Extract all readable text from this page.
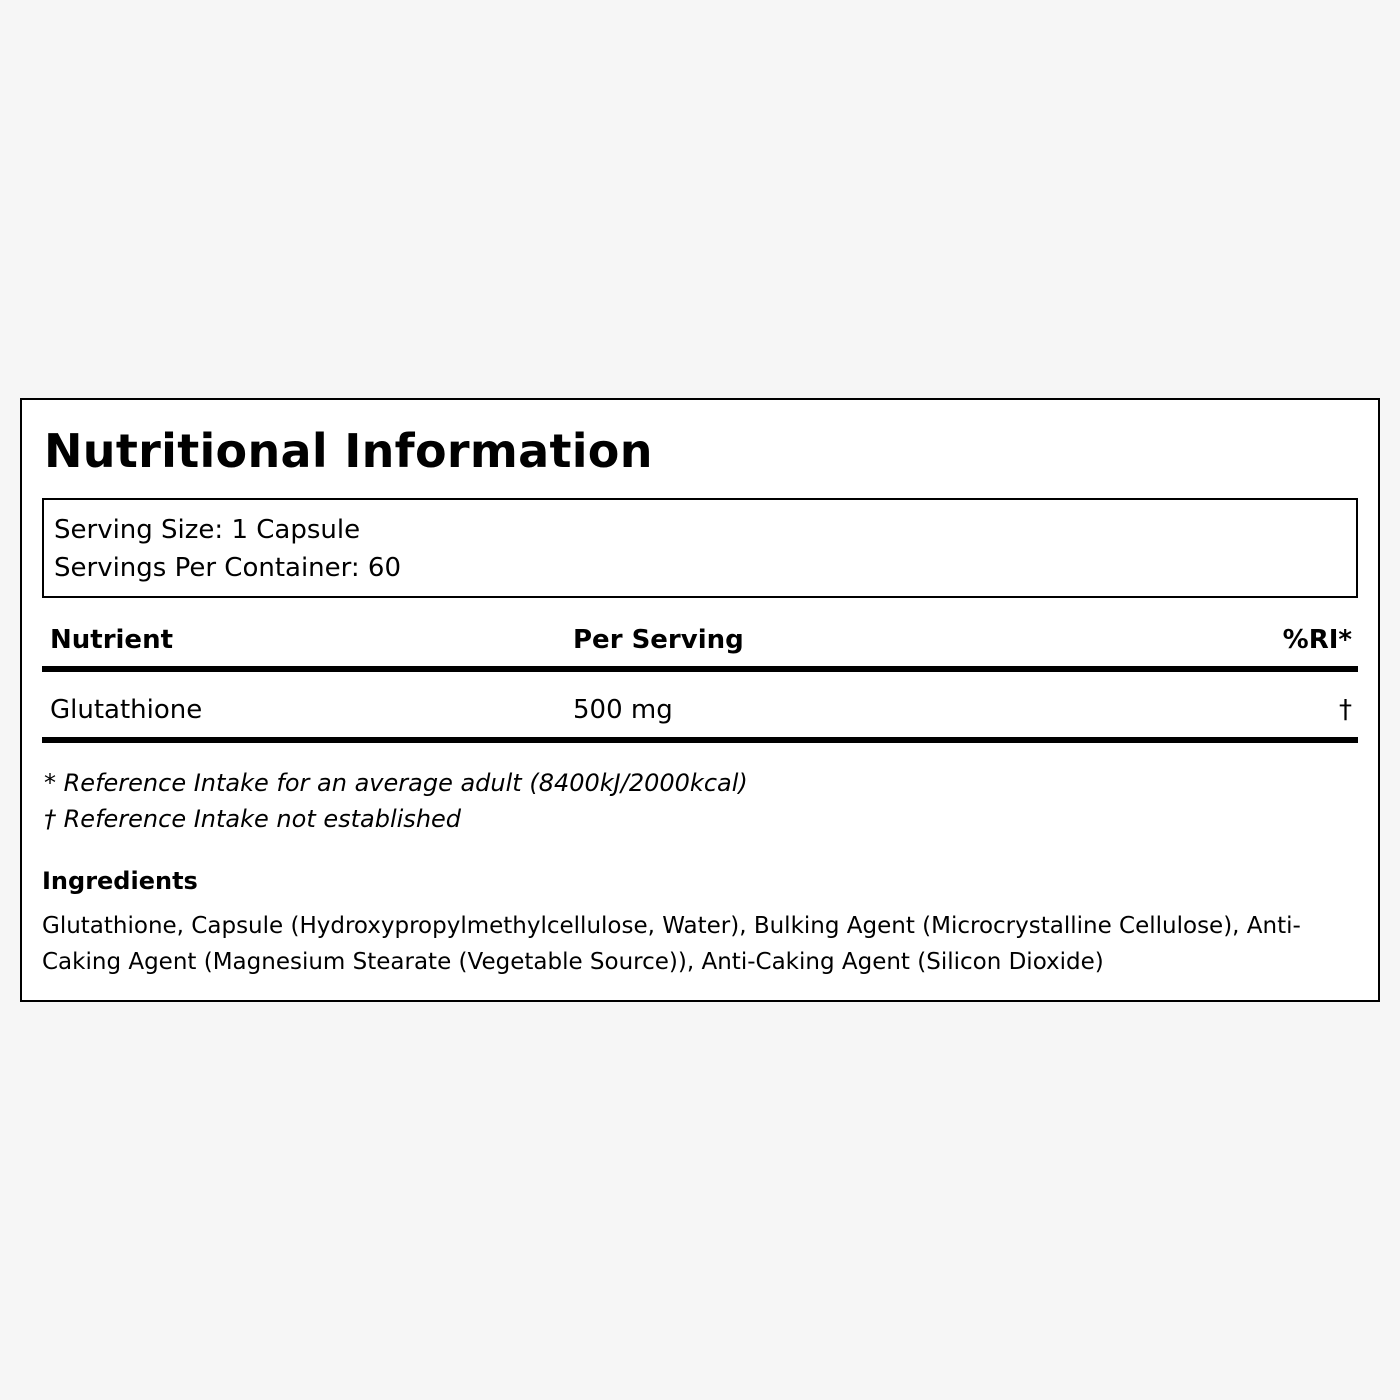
Nutritional Information
Serving Size: 1 Capsule
Servings Per Container: 60
Nutrient	Per Serving	%RI*
Glutathione	500 mg	†
* Reference Intake for an average adult (8400kJ/2000kcal)
† Reference Intake not established
Ingredients
Glutathione, Capsule (Hydroxypropylmethylcellulose, Water), Bulking Agent (Microcrystalline Cellulose), Anti-Caking Agent (Magnesium Stearate (Vegetable Source)), Anti-Caking Agent (Silicon Dioxide)
